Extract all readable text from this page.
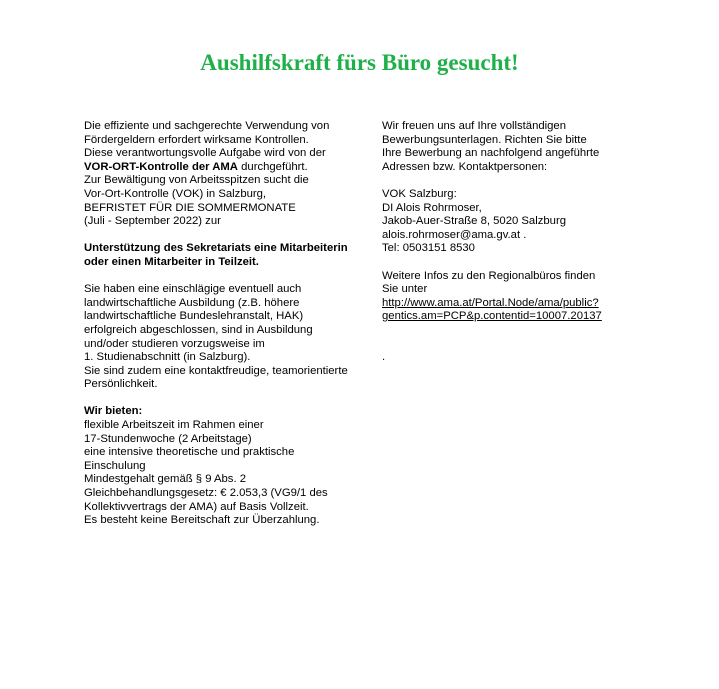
Aushilfskraft fürs Büro gesucht!
Die effiziente und sachgerechte Verwendung von
Fördergeldern erfordert wirksame Kontrollen.
Diese verantwortungsvolle Aufgabe wird von der
VOR-ORT-Kontrolle der AMA durchgeführt.
Zur Bewältigung von Arbeitsspitzen sucht die
Vor-Ort-Kontrolle (VOK) in Salzburg,
BEFRISTET FÜR DIE SOMMERMONATE
(Juli - September 2022) zur
Unterstützung des Sekretariats eine Mitarbeiterin
oder einen Mitarbeiter in Teilzeit.
Sie haben eine einschlägige eventuell auch
landwirtschaftliche Ausbildung (z.B. höhere
landwirtschaftliche Bundeslehranstalt, HAK)
erfolgreich abgeschlossen, sind in Ausbildung
und/oder studieren vorzugsweise im
1. Studienabschnitt (in Salzburg).
Sie sind zudem eine kontaktfreudige, teamorientierte
Persönlichkeit.
Wir bieten:
flexible Arbeitszeit im Rahmen einer
17-Stundenwoche (2 Arbeitstage)
eine intensive theoretische und praktische
Einschulung
Mindestgehalt gemäß § 9 Abs. 2
Gleichbehandlungsgesetz: € 2.053,3 (VG9/1 des
Kollektivvertrags der AMA) auf Basis Vollzeit.
Es besteht keine Bereitschaft zur Überzahlung.
Wir freuen uns auf Ihre vollständigen
Bewerbungsunterlagen. Richten Sie bitte
Ihre Bewerbung an nachfolgend angeführte
Adressen bzw. Kontaktpersonen:
VOK Salzburg:
DI Alois Rohrmoser,
Jakob-Auer-Straße 8, 5020 Salzburg
alois.rohrmoser@ama.gv.at .
Tel: 0503151 8530
Weitere Infos zu den Regionalbüros finden
Sie unter
http://www.ama.at/Portal.Node/ama/public?
gentics.am=PCP&p.contentid=10007.20137
.
